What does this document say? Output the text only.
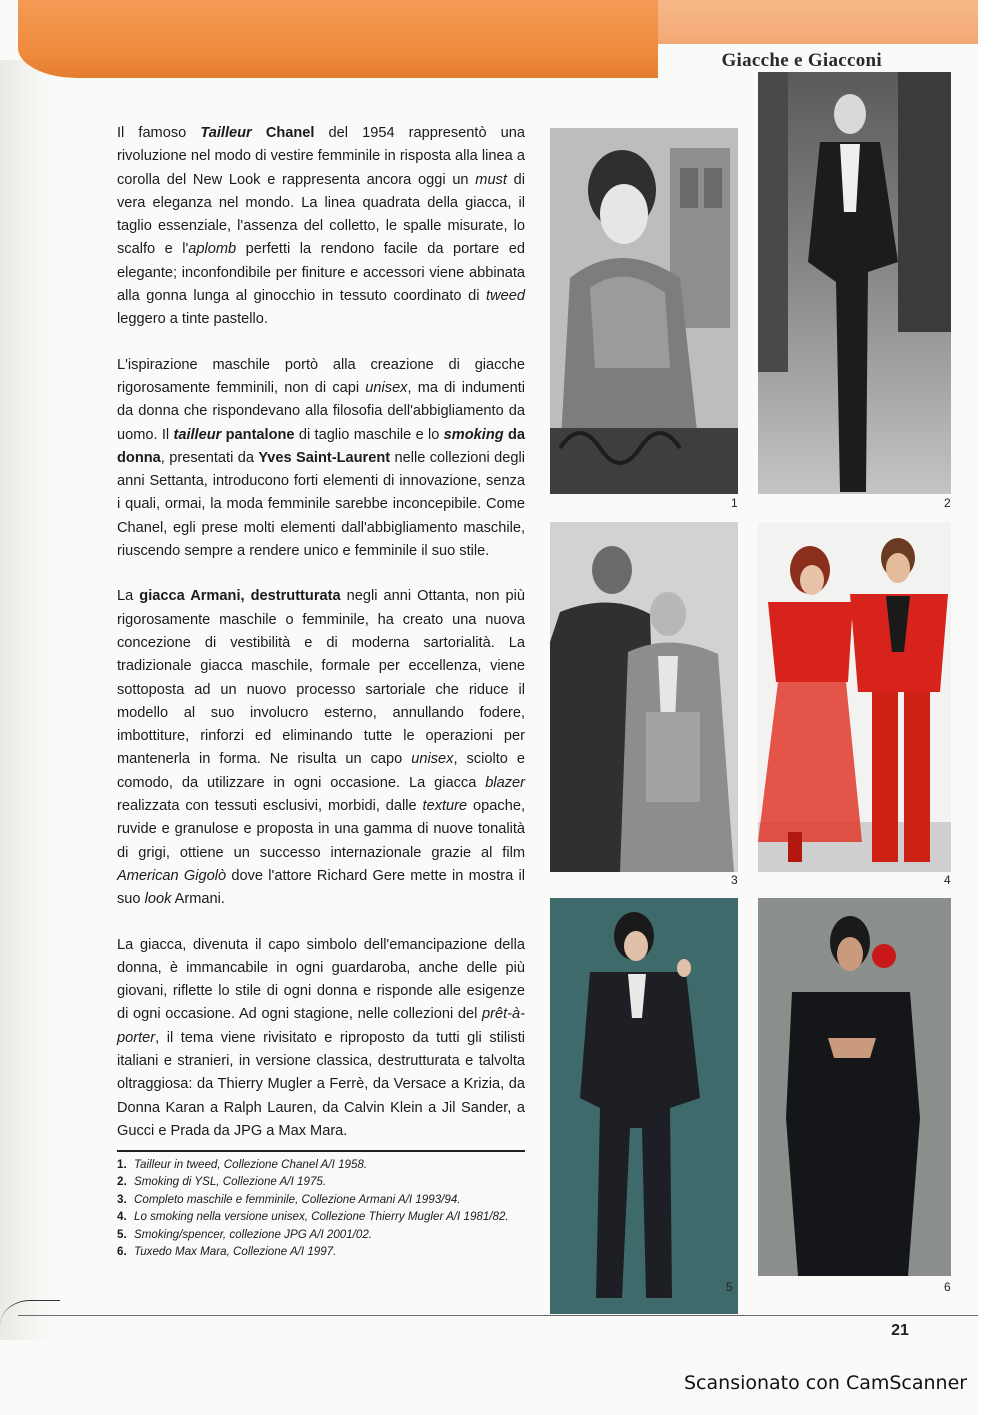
Giacche e Giacconi

Il famoso Tailleur Chanel del 1954 rappresentò una rivoluzione nel modo di vestire femminile in risposta alla linea a corolla del New Look e rappresenta ancora oggi un must di vera eleganza nel mondo. La linea quadrata della giacca, il taglio essenziale, l'assenza del colletto, le spalle misurate, lo scalfo e l'aplomb perfetti la rendono facile da portare ed elegante; inconfondibile per finiture e accessori viene abbinata alla gonna lunga al ginocchio in tessuto coordinato di tweed leggero a tinte pastello.

L'ispirazione maschile portò alla creazione di giacche rigorosamente femminili, non di capi unisex, ma di indumenti da donna che rispondevano alla filosofia dell'abbigliamento da uomo. Il tailleur pantalone di taglio maschile e lo smoking da donna, presentati da Yves Saint-Laurent nelle collezioni degli anni Settanta, introducono forti elementi di innovazione, senza i quali, ormai, la moda femminile sarebbe inconcepibile. Come Chanel, egli prese molti elementi dall'abbigliamento maschile, riuscendo sempre a rendere unico e femminile il suo stile.

La giacca Armani, destrutturata negli anni Ottanta, non più rigorosamente maschile o femminile, ha creato una nuova concezione di vestibilità e di moderna sartorialità. La tradizionale giacca maschile, formale per eccellenza, viene sottoposta ad un nuovo processo sartoriale che riduce il modello al suo involucro esterno, annullando fodere, imbottiture, rinforzi ed eliminando tutte le operazioni per mantenerla in forma. Ne risulta un capo unisex, sciolto e comodo, da utilizzare in ogni occasione. La giacca blazer realizzata con tessuti esclusivi, morbidi, dalle texture opache, ruvide e granulose e proposta in una gamma di nuove tonalità di grigi, ottiene un successo internazionale grazie al film American Gigolò dove l'attore Richard Gere mette in mostra il suo look Armani.

La giacca, divenuta il capo simbolo dell'emancipazione della donna, è immancabile in ogni guardaroba, anche delle più giovani, riflette lo stile di ogni donna e risponde alle esigenze di ogni occasione. Ad ogni stagione, nelle collezioni del prêt-à-porter, il tema viene rivisitato e riproposto da tutti gli stilisti italiani e stranieri, in versione classica, destrutturata e talvolta oltraggiosa: da Thierry Mugler a Ferrè, da Versace a Krizia, da Donna Karan a Ralph Lauren, da Calvin Klein a Jil Sander, a Gucci e Prada da JPG a Max Mara.

1. Tailleur in tweed, Collezione Chanel A/I 1958.
2. Smoking di YSL, Collezione A/I 1975.
3. Completo maschile e femminile, Collezione Armani A/I 1993/94.
4. Lo smoking nella versione unisex, Collezione Thierry Mugler A/I 1981/82.
5. Smoking/spencer, collezione JPG A/I 2001/02.
6. Tuxedo Max Mara, Collezione A/I 1997.
1	2
3	4
5	6
21
Scansionato con CamScanner
